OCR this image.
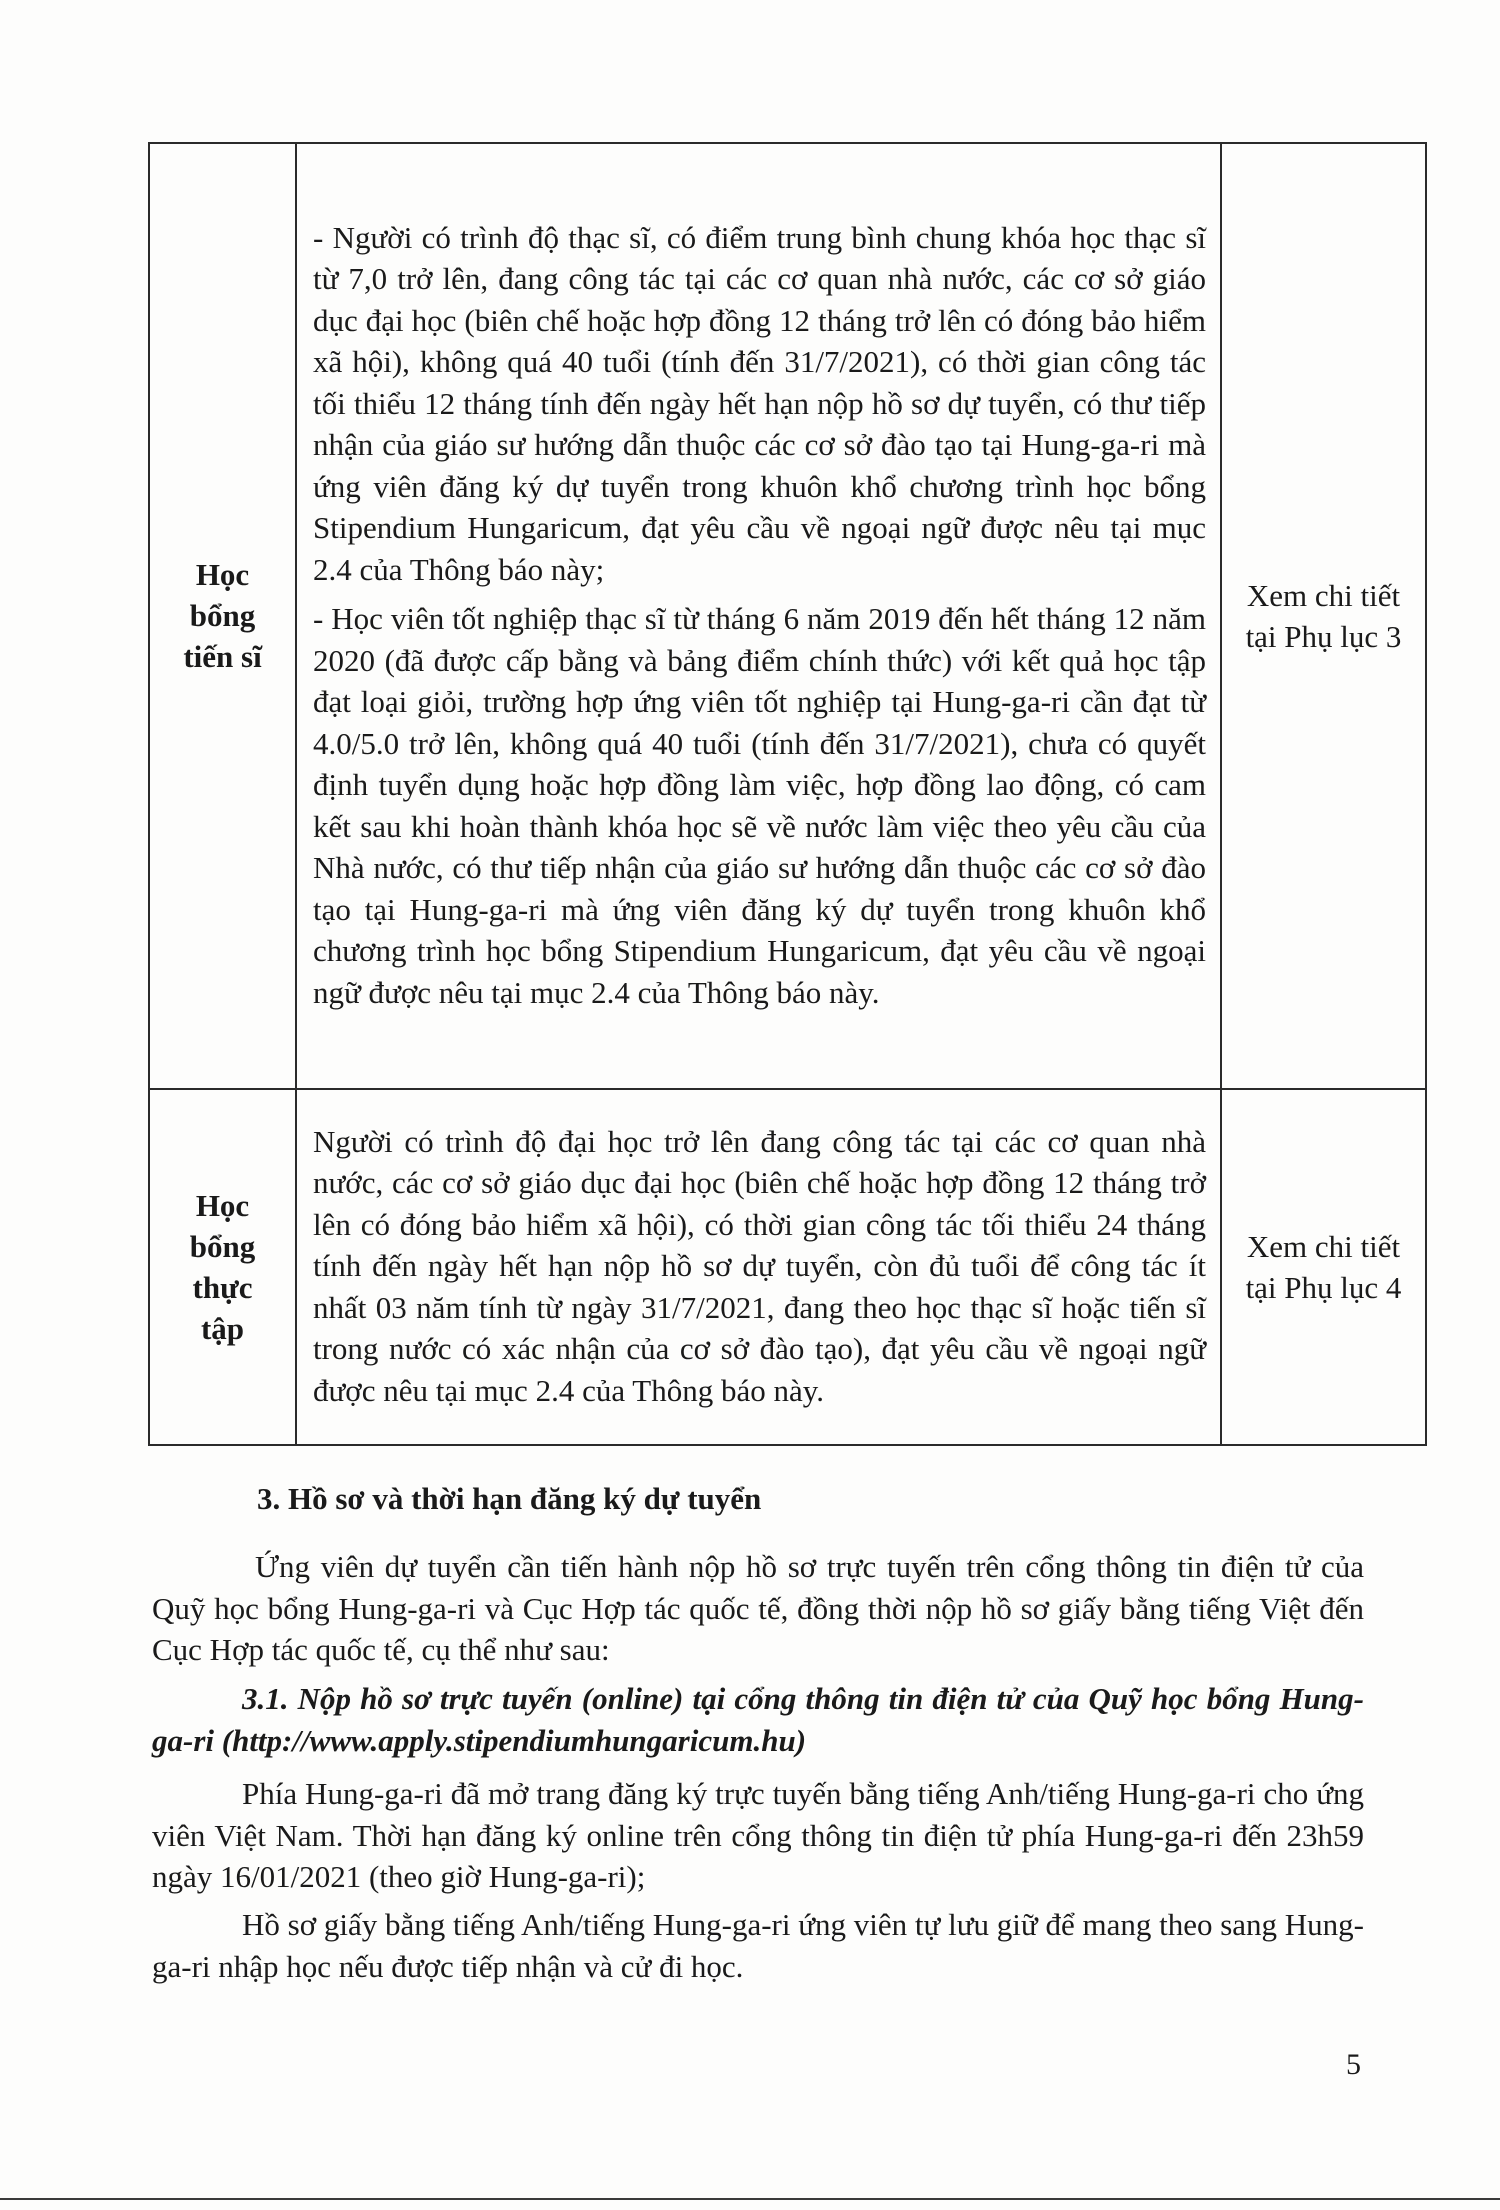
Học bổng tiến sĩ	- Người có trình độ thạc sĩ, có điểm trung bình chung khóa học thạc sĩ từ 7,0 trở lên, đang công tác tại các cơ quan nhà nước, các cơ sở giáo dục đại học (biên chế hoặc hợp đồng 12 tháng trở lên có đóng bảo hiểm xã hội), không quá 40 tuổi (tính đến 31/7/2021), có thời gian công tác tối thiểu 12 tháng tính đến ngày hết hạn nộp hồ sơ dự tuyển, có thư tiếp nhận của giáo sư hướng dẫn thuộc các cơ sở đào tạo tại Hung-ga-ri mà ứng viên đăng ký dự tuyển trong khuôn khổ chương trình học bổng Stipendium Hungaricum, đạt yêu cầu về ngoại ngữ được nêu tại mục 2.4 của Thông báo này;

- Học viên tốt nghiệp thạc sĩ từ tháng 6 năm 2019 đến hết tháng 12 năm 2020 (đã được cấp bằng và bảng điểm chính thức) với kết quả học tập đạt loại giỏi, trường hợp ứng viên tốt nghiệp tại Hung-ga-ri cần đạt từ 4.0/5.0 trở lên, không quá 40 tuổi (tính đến 31/7/2021), chưa có quyết định tuyển dụng hoặc hợp đồng làm việc, hợp đồng lao động, có cam kết sau khi hoàn thành khóa học sẽ về nước làm việc theo yêu cầu của Nhà nước, có thư tiếp nhận của giáo sư hướng dẫn thuộc các cơ sở đào tạo tại Hung-ga-ri mà ứng viên đăng ký dự tuyển trong khuôn khổ chương trình học bổng Stipendium Hungaricum, đạt yêu cầu về ngoại ngữ được nêu tại mục 2.4 của Thông báo này.	Xem chi tiết tại Phụ lục 3
Học bổng thực tập	Người có trình độ đại học trở lên đang công tác tại các cơ quan nhà nước, các cơ sở giáo dục đại học (biên chế hoặc hợp đồng 12 tháng trở lên có đóng bảo hiểm xã hội), có thời gian công tác tối thiểu 24 tháng tính đến ngày hết hạn nộp hồ sơ dự tuyển, còn đủ tuổi để công tác ít nhất 03 năm tính từ ngày 31/7/2021, đang theo học thạc sĩ hoặc tiến sĩ trong nước có xác nhận của cơ sở đào tạo), đạt yêu cầu về ngoại ngữ được nêu tại mục 2.4 của Thông báo này.	Xem chi tiết tại Phụ lục 4
3. Hồ sơ và thời hạn đăng ký dự tuyển
Ứng viên dự tuyển cần tiến hành nộp hồ sơ trực tuyến trên cổng thông tin điện tử của Quỹ học bổng Hung-ga-ri và Cục Hợp tác quốc tế, đồng thời nộp hồ sơ giấy bằng tiếng Việt đến Cục Hợp tác quốc tế, cụ thể như sau:
3.1. Nộp hồ sơ trực tuyến (online) tại cổng thông tin điện tử của Quỹ học bổng Hung-ga-ri (http://www.apply.stipendiumhungaricum.hu)
Phía Hung-ga-ri đã mở trang đăng ký trực tuyến bằng tiếng Anh/tiếng Hung-ga-ri cho ứng viên Việt Nam. Thời hạn đăng ký online trên cổng thông tin điện tử phía Hung-ga-ri đến 23h59 ngày 16/01/2021 (theo giờ Hung-ga-ri);
Hồ sơ giấy bằng tiếng Anh/tiếng Hung-ga-ri ứng viên tự lưu giữ để mang theo sang Hung-ga-ri nhập học nếu được tiếp nhận và cử đi học.
5
